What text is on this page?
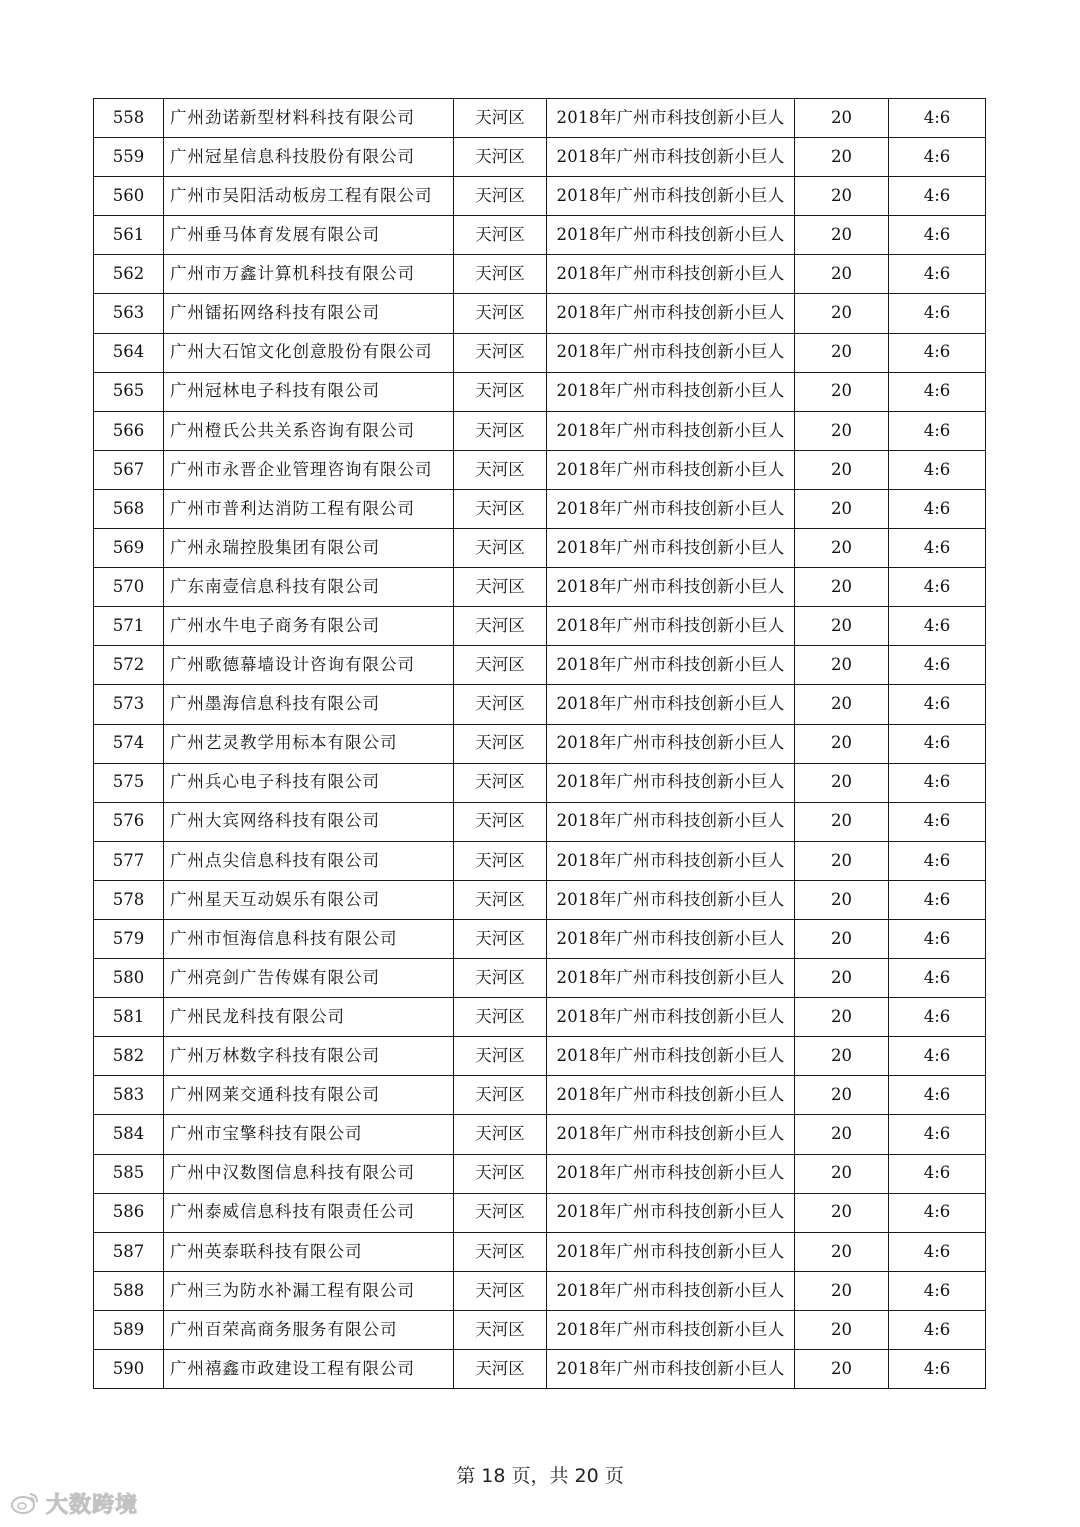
558	广州劲诺新型材料科技有限公司	天河区	2018年广州市科技创新小巨人	20	4:6
559	广州冠星信息科技股份有限公司	天河区	2018年广州市科技创新小巨人	20	4:6
560	广州市吴阳活动板房工程有限公司	天河区	2018年广州市科技创新小巨人	20	4:6
561	广州垂马体育发展有限公司	天河区	2018年广州市科技创新小巨人	20	4:6
562	广州市万鑫计算机科技有限公司	天河区	2018年广州市科技创新小巨人	20	4:6
563	广州镭拓网络科技有限公司	天河区	2018年广州市科技创新小巨人	20	4:6
564	广州大石馆文化创意股份有限公司	天河区	2018年广州市科技创新小巨人	20	4:6
565	广州冠林电子科技有限公司	天河区	2018年广州市科技创新小巨人	20	4:6
566	广州橙氏公共关系咨询有限公司	天河区	2018年广州市科技创新小巨人	20	4:6
567	广州市永晋企业管理咨询有限公司	天河区	2018年广州市科技创新小巨人	20	4:6
568	广州市普利达消防工程有限公司	天河区	2018年广州市科技创新小巨人	20	4:6
569	广州永瑞控股集团有限公司	天河区	2018年广州市科技创新小巨人	20	4:6
570	广东南壹信息科技有限公司	天河区	2018年广州市科技创新小巨人	20	4:6
571	广州水牛电子商务有限公司	天河区	2018年广州市科技创新小巨人	20	4:6
572	广州歌德幕墙设计咨询有限公司	天河区	2018年广州市科技创新小巨人	20	4:6
573	广州墨海信息科技有限公司	天河区	2018年广州市科技创新小巨人	20	4:6
574	广州艺灵教学用标本有限公司	天河区	2018年广州市科技创新小巨人	20	4:6
575	广州兵心电子科技有限公司	天河区	2018年广州市科技创新小巨人	20	4:6
576	广州大宾网络科技有限公司	天河区	2018年广州市科技创新小巨人	20	4:6
577	广州点尖信息科技有限公司	天河区	2018年广州市科技创新小巨人	20	4:6
578	广州星天互动娱乐有限公司	天河区	2018年广州市科技创新小巨人	20	4:6
579	广州市恒海信息科技有限公司	天河区	2018年广州市科技创新小巨人	20	4:6
580	广州亮剑广告传媒有限公司	天河区	2018年广州市科技创新小巨人	20	4:6
581	广州民龙科技有限公司	天河区	2018年广州市科技创新小巨人	20	4:6
582	广州万林数字科技有限公司	天河区	2018年广州市科技创新小巨人	20	4:6
583	广州网莱交通科技有限公司	天河区	2018年广州市科技创新小巨人	20	4:6
584	广州市宝擎科技有限公司	天河区	2018年广州市科技创新小巨人	20	4:6
585	广州中汉数图信息科技有限公司	天河区	2018年广州市科技创新小巨人	20	4:6
586	广州泰威信息科技有限责任公司	天河区	2018年广州市科技创新小巨人	20	4:6
587	广州英泰联科技有限公司	天河区	2018年广州市科技创新小巨人	20	4:6
588	广州三为防水补漏工程有限公司	天河区	2018年广州市科技创新小巨人	20	4:6
589	广州百荣高商务服务有限公司	天河区	2018年广州市科技创新小巨人	20	4:6
590	广州禧鑫市政建设工程有限公司	天河区	2018年广州市科技创新小巨人	20	4:6
第 18 页，共 20 页
大数跨境
